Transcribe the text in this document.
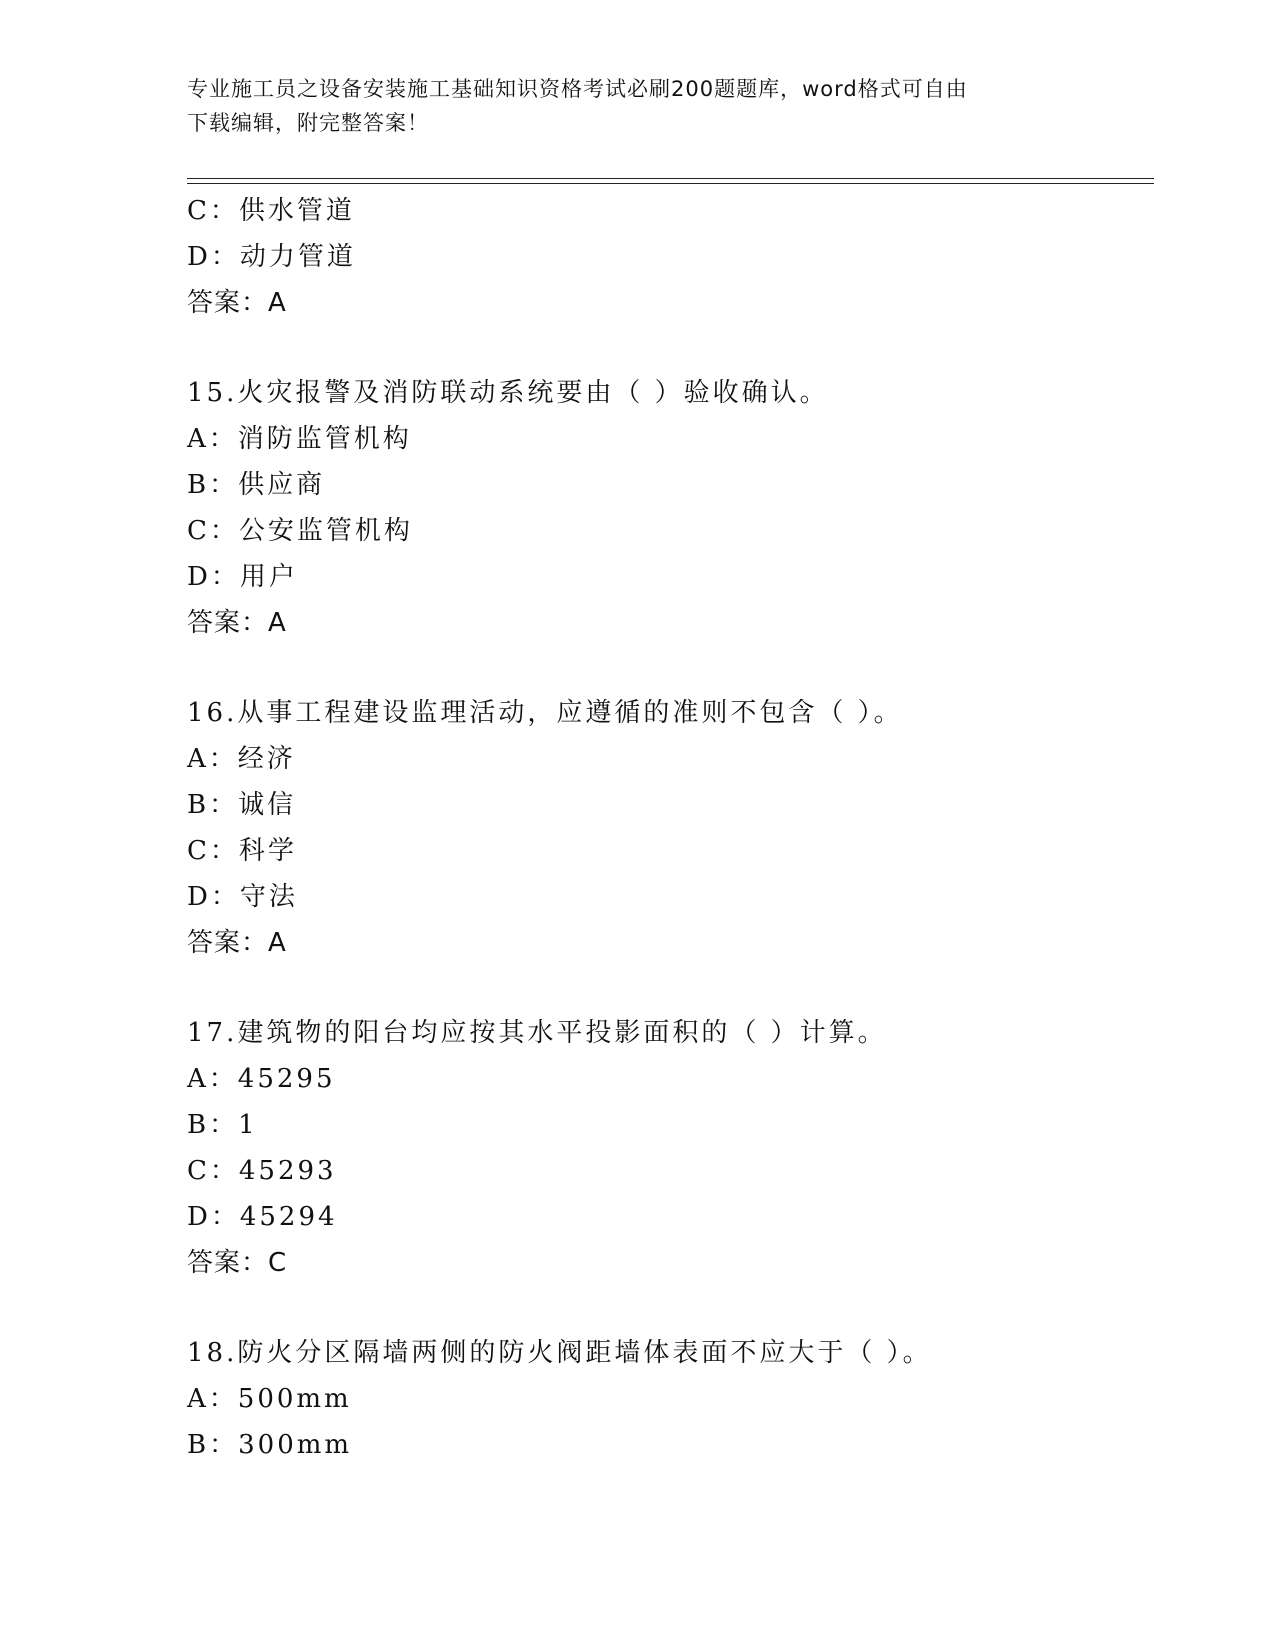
专业施工员之设备安装施工基础知识资格考试必刷200题题库，word格式可自由
下载编辑，附完整答案！
C：供水管道
D：动力管道
答案：A
15.火灾报警及消防联动系统要由（ ）验收确认。
A：消防监管机构
B：供应商
C：公安监管机构
D：用户
答案：A
16.从事工程建设监理活动，应遵循的准则不包含（ ）。
A：经济
B：诚信
C：科学
D：守法
答案：A
17.建筑物的阳台均应按其水平投影面积的（ ）计算。
A：45295
B：1
C：45293
D：45294
答案：C
18.防火分区隔墙两侧的防火阀距墙体表面不应大于（ ）。
A：500mm
B：300mm
